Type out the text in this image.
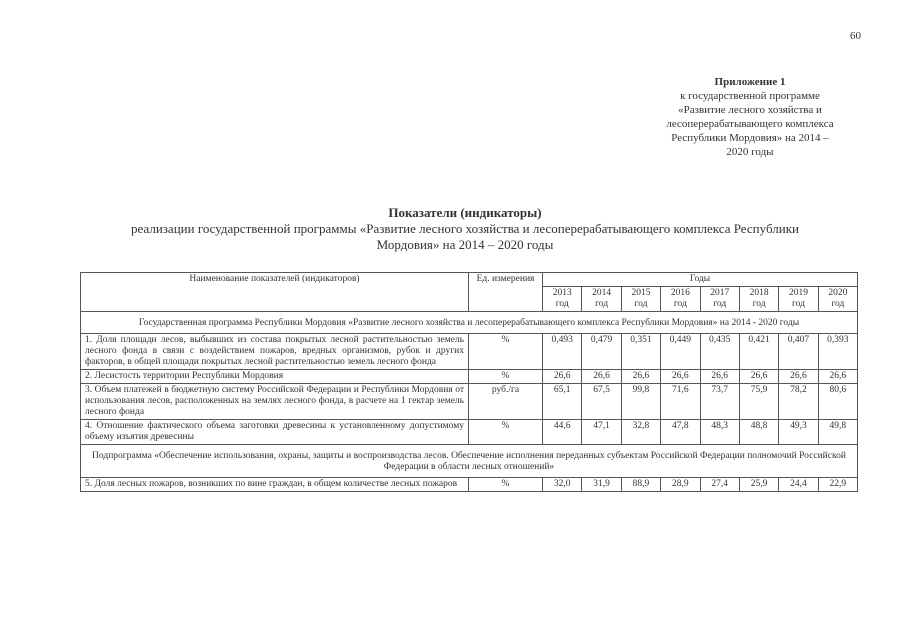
60
Приложение 1
к государственной программе
«Развитие лесного хозяйства и
лесоперерабатывающего комплекса
Республики Мордовия» на 2014 –
2020 годы
Показатели (индикаторы)
реализации государственной программы «Развитие лесного хозяйства и лесоперерабатывающего комплекса Республики
Мордовия» на 2014 – 2020 годы
Наименование показателей (индикаторов)	Ед. измерения	Годы							
		2013 год	2014 год	2015 год	2016 год	2017 год	2018 год	2019 год	2020 год
Государственная программа Республики Мордовия «Развитие лесного хозяйства и лесоперерабатывающего комплекса Республики Мордовия» на 2014 - 2020 годы									
1. Доля площади лесов, выбывших из состава покрытых лесной растительностью земель лесного фонда в связи с воздействием пожаров, вредных организмов, рубок и других факторов, в общей площади покрытых лесной растительностью земель лесного фонда	%	0,493	0,479	0,351	0,449	0,435	0,421	0,407	0,393
2. Лесистость территории Республики Мордовия	%	26,6	26,6	26,6	26,6	26,6	26,6	26,6	26,6
3. Объем платежей в бюджетную систему Российской Федерации и Республики Мордовия от использования лесов, расположенных на землях лесного фонда, в расчете на 1 гектар земель лесного фонда	руб./га	65,1	67,5	99,8	71,6	73,7	75,9	78,2	80,6
4. Отношение фактического объема заготовки древесины к установленному допустимому объему изъятия древесины	%	44,6	47,1	32,8	47,8	48,3	48,8	49,3	49,8
Подпрограмма «Обеспечение использования, охраны, защиты и воспроизводства лесов. Обеспечение исполнения переданных субъектам Российской Федерации полномочий Российской Федерации в области лесных отношений»									
5. Доля лесных пожаров, возникших по вине граждан, в общем количестве лесных пожаров	%	32,0	31,9	88,9	28,9	27,4	25,9	24,4	22,9
